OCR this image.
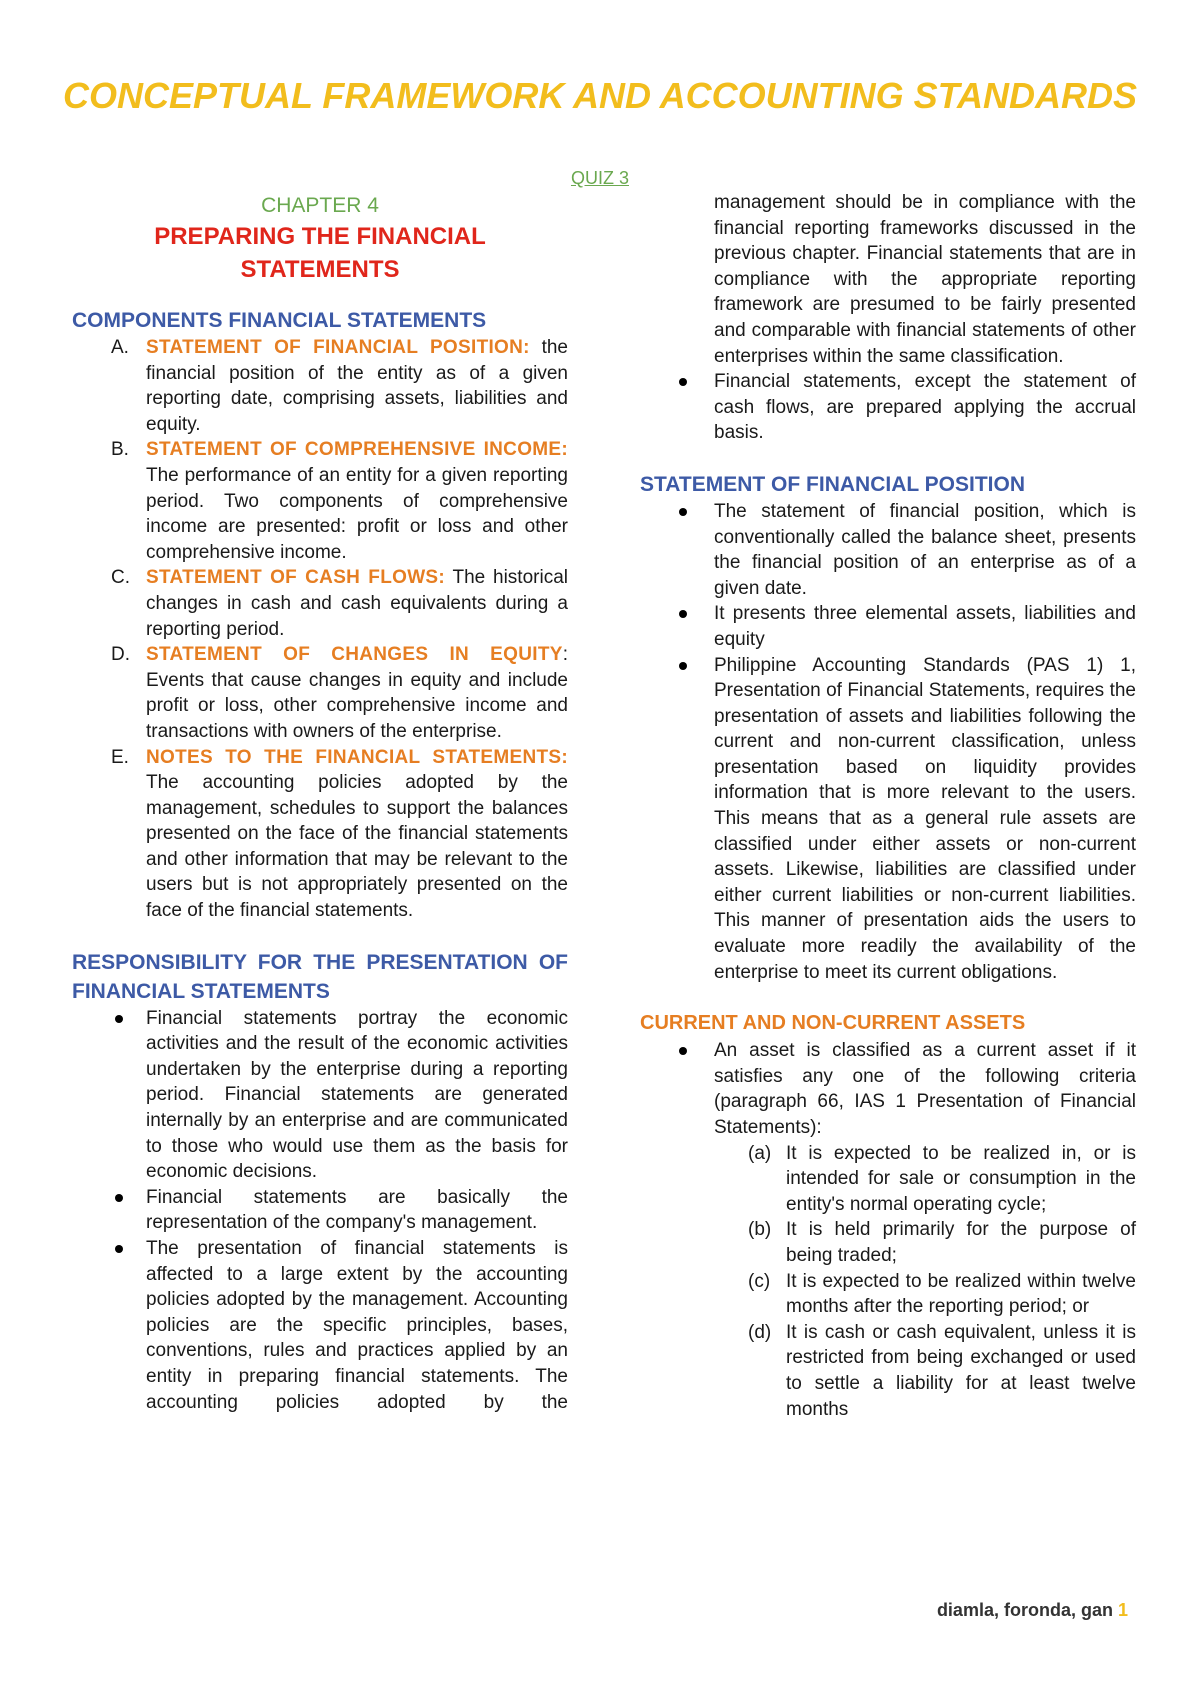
CONCEPTUAL FRAMEWORK AND ACCOUNTING STANDARDS
QUIZ 3
CHAPTER 4
PREPARING THE FINANCIAL STATEMENTS
COMPONENTS FINANCIAL STATEMENTS
A. STATEMENT OF FINANCIAL POSITION: the financial position of the entity as of a given reporting date, comprising assets, liabilities and equity.
B. STATEMENT OF COMPREHENSIVE INCOME: The performance of an entity for a given reporting period. Two components of comprehensive income are presented: profit or loss and other comprehensive income.
C. STATEMENT OF CASH FLOWS: The historical changes in cash and cash equivalents during a reporting period.
D. STATEMENT OF CHANGES IN EQUITY: Events that cause changes in equity and include profit or loss, other comprehensive income and transactions with owners of the enterprise.
E. NOTES TO THE FINANCIAL STATEMENTS: The accounting policies adopted by the management, schedules to support the balances presented on the face of the financial statements and other information that may be relevant to the users but is not appropriately presented on the face of the financial statements.
RESPONSIBILITY FOR THE PRESENTATION OF FINANCIAL STATEMENTS
Financial statements portray the economic activities and the result of the economic activities undertaken by the enterprise during a reporting period. Financial statements are generated internally by an enterprise and are communicated to those who would use them as the basis for economic decisions.
Financial statements are basically the representation of the company's management.
The presentation of financial statements is affected to a large extent by the accounting policies adopted by the management. Accounting policies are the specific principles, bases, conventions, rules and practices applied by an entity in preparing financial statements. The accounting policies adopted by the
management should be in compliance with the financial reporting frameworks discussed in the previous chapter. Financial statements that are in compliance with the appropriate reporting framework are presumed to be fairly presented and comparable with financial statements of other enterprises within the same classification.
Financial statements, except the statement of cash flows, are prepared applying the accrual basis.
STATEMENT OF FINANCIAL POSITION
The statement of financial position, which is conventionally called the balance sheet, presents the financial position of an enterprise as of a given date.
It presents three elemental assets, liabilities and equity
Philippine Accounting Standards (PAS 1) 1, Presentation of Financial Statements, requires the presentation of assets and liabilities following the current and non-current classification, unless presentation based on liquidity provides information that is more relevant to the users. This means that as a general rule assets are classified under either assets or non-current assets. Likewise, liabilities are classified under either current liabilities or non-current liabilities. This manner of presentation aids the users to evaluate more readily the availability of the enterprise to meet its current obligations.
CURRENT AND NON-CURRENT ASSETS
An asset is classified as a current asset if it satisfies any one of the following criteria (paragraph 66, IAS 1 Presentation of Financial Statements):
(a) It is expected to be realized in, or is intended for sale or consumption in the entity's normal operating cycle;
(b) It is held primarily for the purpose of being traded;
(c) It is expected to be realized within twelve months after the reporting period; or
(d) It is cash or cash equivalent, unless it is restricted from being exchanged or used to settle a liability for at least twelve months
diamla, foronda, gan 1
